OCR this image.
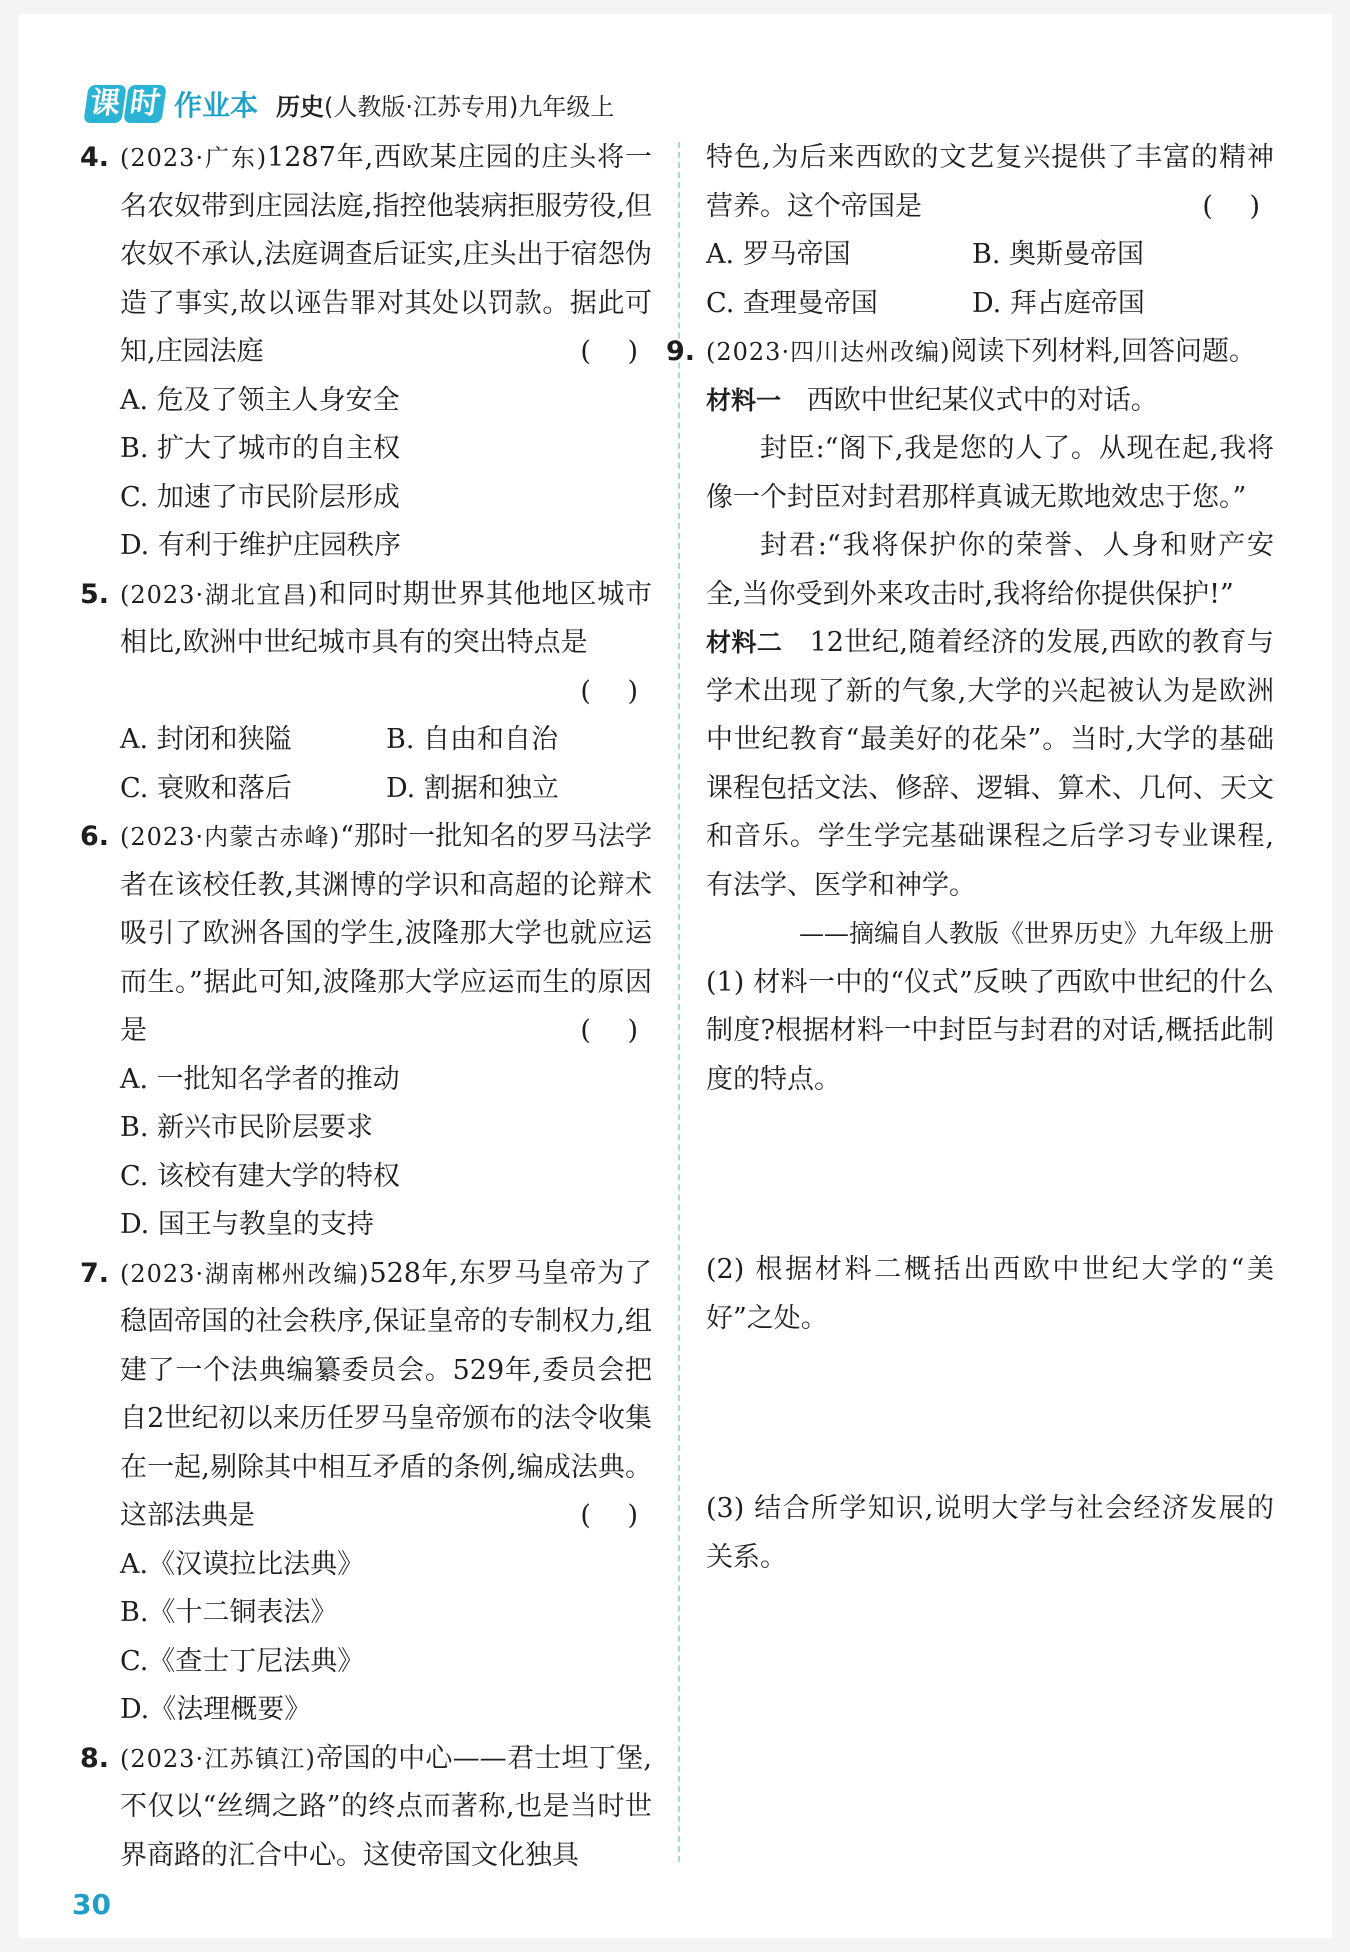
课 时 作业本 历史(人教版·江苏专用)九年级上
4. (2023·广东)1287年,西欧某庄园的庄头将一名农奴带到庄园法庭,指控他装病拒服劳役,但农奴不承认,法庭调查后证实,庄头出于宿怨伪造了事实,故以诬告罪对其处以罚款。据此可知,庄园法庭	( )
A. 危及了领主人身安全
B. 扩大了城市的自主权
C. 加速了市民阶层形成
D. 有利于维护庄园秩序
5. (2023·湖北宜昌)和同时期世界其他地区城市相比,欧洲中世纪城市具有的突出特点是
( )
A. 封闭和狭隘	B. 自由和自治
C. 衰败和落后	D. 割据和独立
6. (2023·内蒙古赤峰)“那时一批知名的罗马法学者在该校任教,其渊博的学识和高超的论辩术吸引了欧洲各国的学生,波隆那大学也就应运而生。”据此可知,波隆那大学应运而生的原因是	( )
A. 一批知名学者的推动
B. 新兴市民阶层要求
C. 该校有建大学的特权
D. 国王与教皇的支持
7. (2023·湖南郴州改编)528年,东罗马皇帝为了稳固帝国的社会秩序,保证皇帝的专制权力,组建了一个法典编纂委员会。529年,委员会把自2世纪初以来历任罗马皇帝颁布的法令收集在一起,剔除其中相互矛盾的条例,编成法典。这部法典是	( )
A.《汉谟拉比法典》
B.《十二铜表法》
C.《查士丁尼法典》
D.《法理概要》
8. (2023·江苏镇江)帝国的中心——君士坦丁堡,不仅以“丝绸之路”的终点而著称,也是当时世界商路的汇合中心。这使帝国文化独具
特色,为后来西欧的文艺复兴提供了丰富的精神营养。这个帝国是	( )
A. 罗马帝国	B. 奥斯曼帝国
C. 查理曼帝国	D. 拜占庭帝国
9. (2023·四川达州改编)阅读下列材料,回答问题。
材料一 西欧中世纪某仪式中的对话。
封臣:“阁下,我是您的人了。从现在起,我将像一个封臣对封君那样真诚无欺地效忠于您。”
封君:“我将保护你的荣誉、人身和财产安全,当你受到外来攻击时,我将给你提供保护!”
材料二 12世纪,随着经济的发展,西欧的教育与学术出现了新的气象,大学的兴起被认为是欧洲中世纪教育“最美好的花朵”。当时,大学的基础课程包括文法、修辞、逻辑、算术、几何、天文和音乐。学生学完基础课程之后学习专业课程,有法学、医学和神学。
——摘编自人教版《世界历史》九年级上册
(1) 材料一中的“仪式”反映了西欧中世纪的什么制度?根据材料一中封臣与封君的对话,概括此制度的特点。
(2) 根据材料二概括出西欧中世纪大学的“美好”之处。
(3) 结合所学知识,说明大学与社会经济发展的关系。
30
